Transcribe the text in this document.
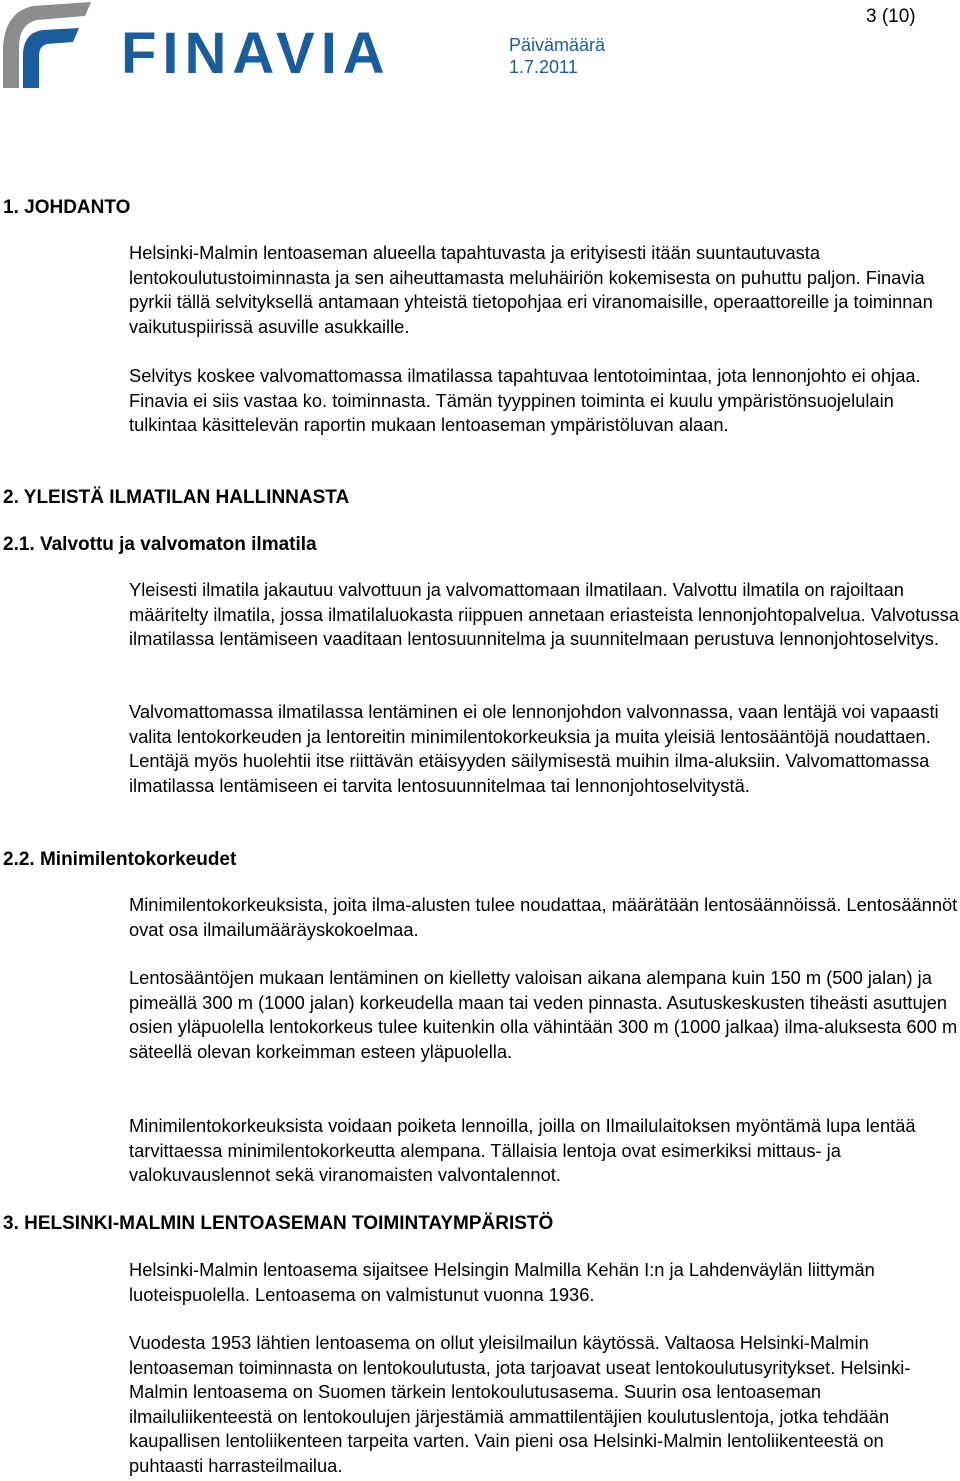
FINAVIA
3 (10)
Päivämäärä
1.7.2011
1. JOHDANTO

Helsinki-Malmin lentoaseman alueella tapahtuvasta ja erityisesti itään suuntautuvasta lentokoulutustoiminnasta ja sen aiheuttamasta meluhäiriön kokemisesta on puhuttu paljon. Finavia pyrkii tällä selvityksellä antamaan yhteistä tietopohjaa eri viranomaisille, operaattoreille ja toiminnan vaikutuspiirissä asuville asukkaille.

Selvitys koskee valvomattomassa ilmatilassa tapahtuvaa lentotoimintaa, jota lennonjohto ei ohjaa. Finavia ei siis vastaa ko. toiminnasta. Tämän tyyppinen toiminta ei kuulu ympäristönsuojelulain tulkintaa käsittelevän raportin mukaan lentoaseman ympäristöluvan alaan.

2. YLEISTÄ ILMATILAN HALLINNASTA
2.1. Valvottu ja valvomaton ilmatila

Yleisesti ilmatila jakautuu valvottuun ja valvomattomaan ilmatilaan. Valvottu ilmatila on rajoiltaan määritelty ilmatila, jossa ilmatilaluokasta riippuen annetaan eriasteista lennonjohtopalvelua. Valvotussa ilmatilassa lentämiseen vaaditaan lentosuunnitelma ja suunnitelmaan perustuva lennonjohtoselvitys.

Valvomattomassa ilmatilassa lentäminen ei ole lennonjohdon valvonnassa, vaan lentäjä voi vapaasti valita lentokorkeuden ja lentoreitin minimilentokorkeuksia ja muita yleisiä lentosääntöjä noudattaen. Lentäjä myös huolehtii itse riittävän etäisyyden säilymisestä muihin ilma-aluksiin. Valvomattomassa ilmatilassa lentämiseen ei tarvita lentosuunnitelmaa tai lennonjohtoselvitystä.

2.2. Minimilentokorkeudet

Minimilentokorkeuksista, joita ilma-alusten tulee noudattaa, määrätään lentosäännöissä. Lentosäännöt ovat osa ilmailumääräyskokoelmaa.

Lentosääntöjen mukaan lentäminen on kielletty valoisan aikana alempana kuin 150 m (500 jalan) ja pimeällä 300 m (1000 jalan) korkeudella maan tai veden pinnasta. Asutuskeskusten tiheästi asuttujen osien yläpuolella lentokorkeus tulee kuitenkin olla vähintään 300 m (1000 jalkaa) ilma-aluksesta 600 m säteellä olevan korkeimman esteen yläpuolella.

Minimilentokorkeuksista voidaan poiketa lennoilla, joilla on Ilmailulaitoksen myöntämä lupa lentää tarvittaessa minimilentokorkeutta alempana. Tällaisia lentoja ovat esimerkiksi mittaus- ja valokuvauslennot sekä viranomaisten valvontalennot.

3. HELSINKI-MALMIN LENTOASEMAN TOIMINTAYMPÄRISTÖ

Helsinki-Malmin lentoasema sijaitsee Helsingin Malmilla Kehän I:n ja Lahdenväylän liittymän luoteispuolella. Lentoasema on valmistunut vuonna 1936.

Vuodesta 1953 lähtien lentoasema on ollut yleisilmailun käytössä. Valtaosa Helsinki-Malmin lentoaseman toiminnasta on lentokoulutusta, jota tarjoavat useat lentokoulutusyritykset. Helsinki-Malmin lentoasema on Suomen tärkein lentokoulutusasema. Suurin osa lentoaseman ilmailuliikenteestä on lentokoulujen järjestämiä ammattilentäjien koulutuslentoja, jotka tehdään kaupallisen lentoliikenteen tarpeita varten. Vain pieni osa Helsinki-Malmin lentoliikenteestä on puhtaasti harrasteilmailua.
